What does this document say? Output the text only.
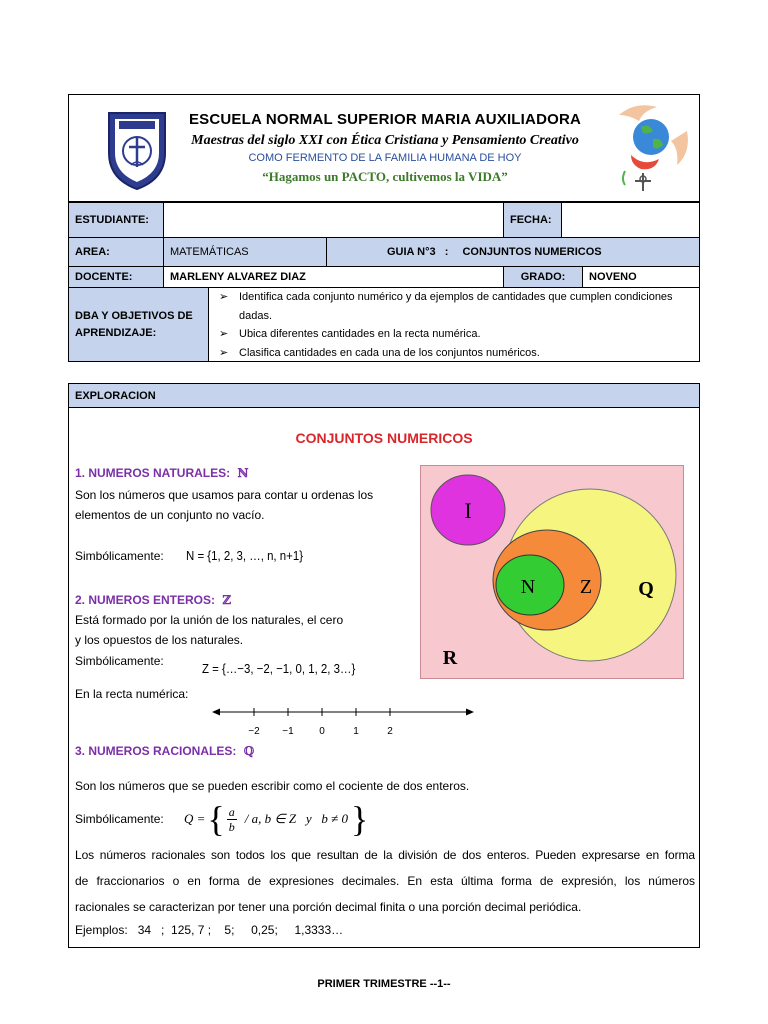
ESCUELA NORMAL SUPERIOR MARIA AUXILIADORA
Maestras del siglo XXI con Ética Cristiana y Pensamiento Creativo
COMO FERMENTO DE LA FAMILIA HUMANA DE HOY
“Hagamos un PACTO, cultivemos la VIDA”
ESTUDIANTE:	FECHA:
AREA:	MATEMÁTICAS	GUIA N°3   : CONJUNTOS NUMERICOS
DOCENTE:	MARLENY ALVAREZ DIAZ	GRADO:	NOVENO
DBA Y OBJETIVOS DE APRENDIZAJE:
➢ Identifica cada conjunto numérico y da ejemplos de cantidades que cumplen condiciones dadas.
➢ Ubica diferentes cantidades en la recta numérica.
➢ Clasifica cantidades en cada una de los conjuntos numéricos.
EXPLORACION
CONJUNTOS NUMERICOS
1. NUMEROS NATURALES: ℕ
Son los números que usamos para contar u ordenas los
elementos de un conjunto no vacío.
Simbólicamente: N = {1, 2, 3, …, n, n+1}
2. NUMEROS ENTEROS: ℤ
Está formado por la unión de los naturales, el cero
y los opuestos de los naturales.
Simbólicamente:	Z = {…−3, −2, −1, 0, 1, 2, 3…}
En la recta numérica:
−2 −1	0	1	2
3. NUMEROS RACIONALES: ℚ
Son los números que se pueden escribir como el cociente de dos enteros.
Simbólicamente: Q = { a
b
/ a, b ∈ Z   y   b ≠ 0 }
Los números racionales son todos los que resultan de la división de dos enteros. Pueden expresarse en forma
de fraccionarios o en forma de expresiones decimales. En esta última forma de expresión, los números
racionales se caracterizan por tener una porción decimal finita o una porción decimal periódica.
Ejemplos:   34   ;  125, 7 ;    5;     0,25;     1,3333…
I
N Z Q
R
PRIMER TRIMESTRE --1--
